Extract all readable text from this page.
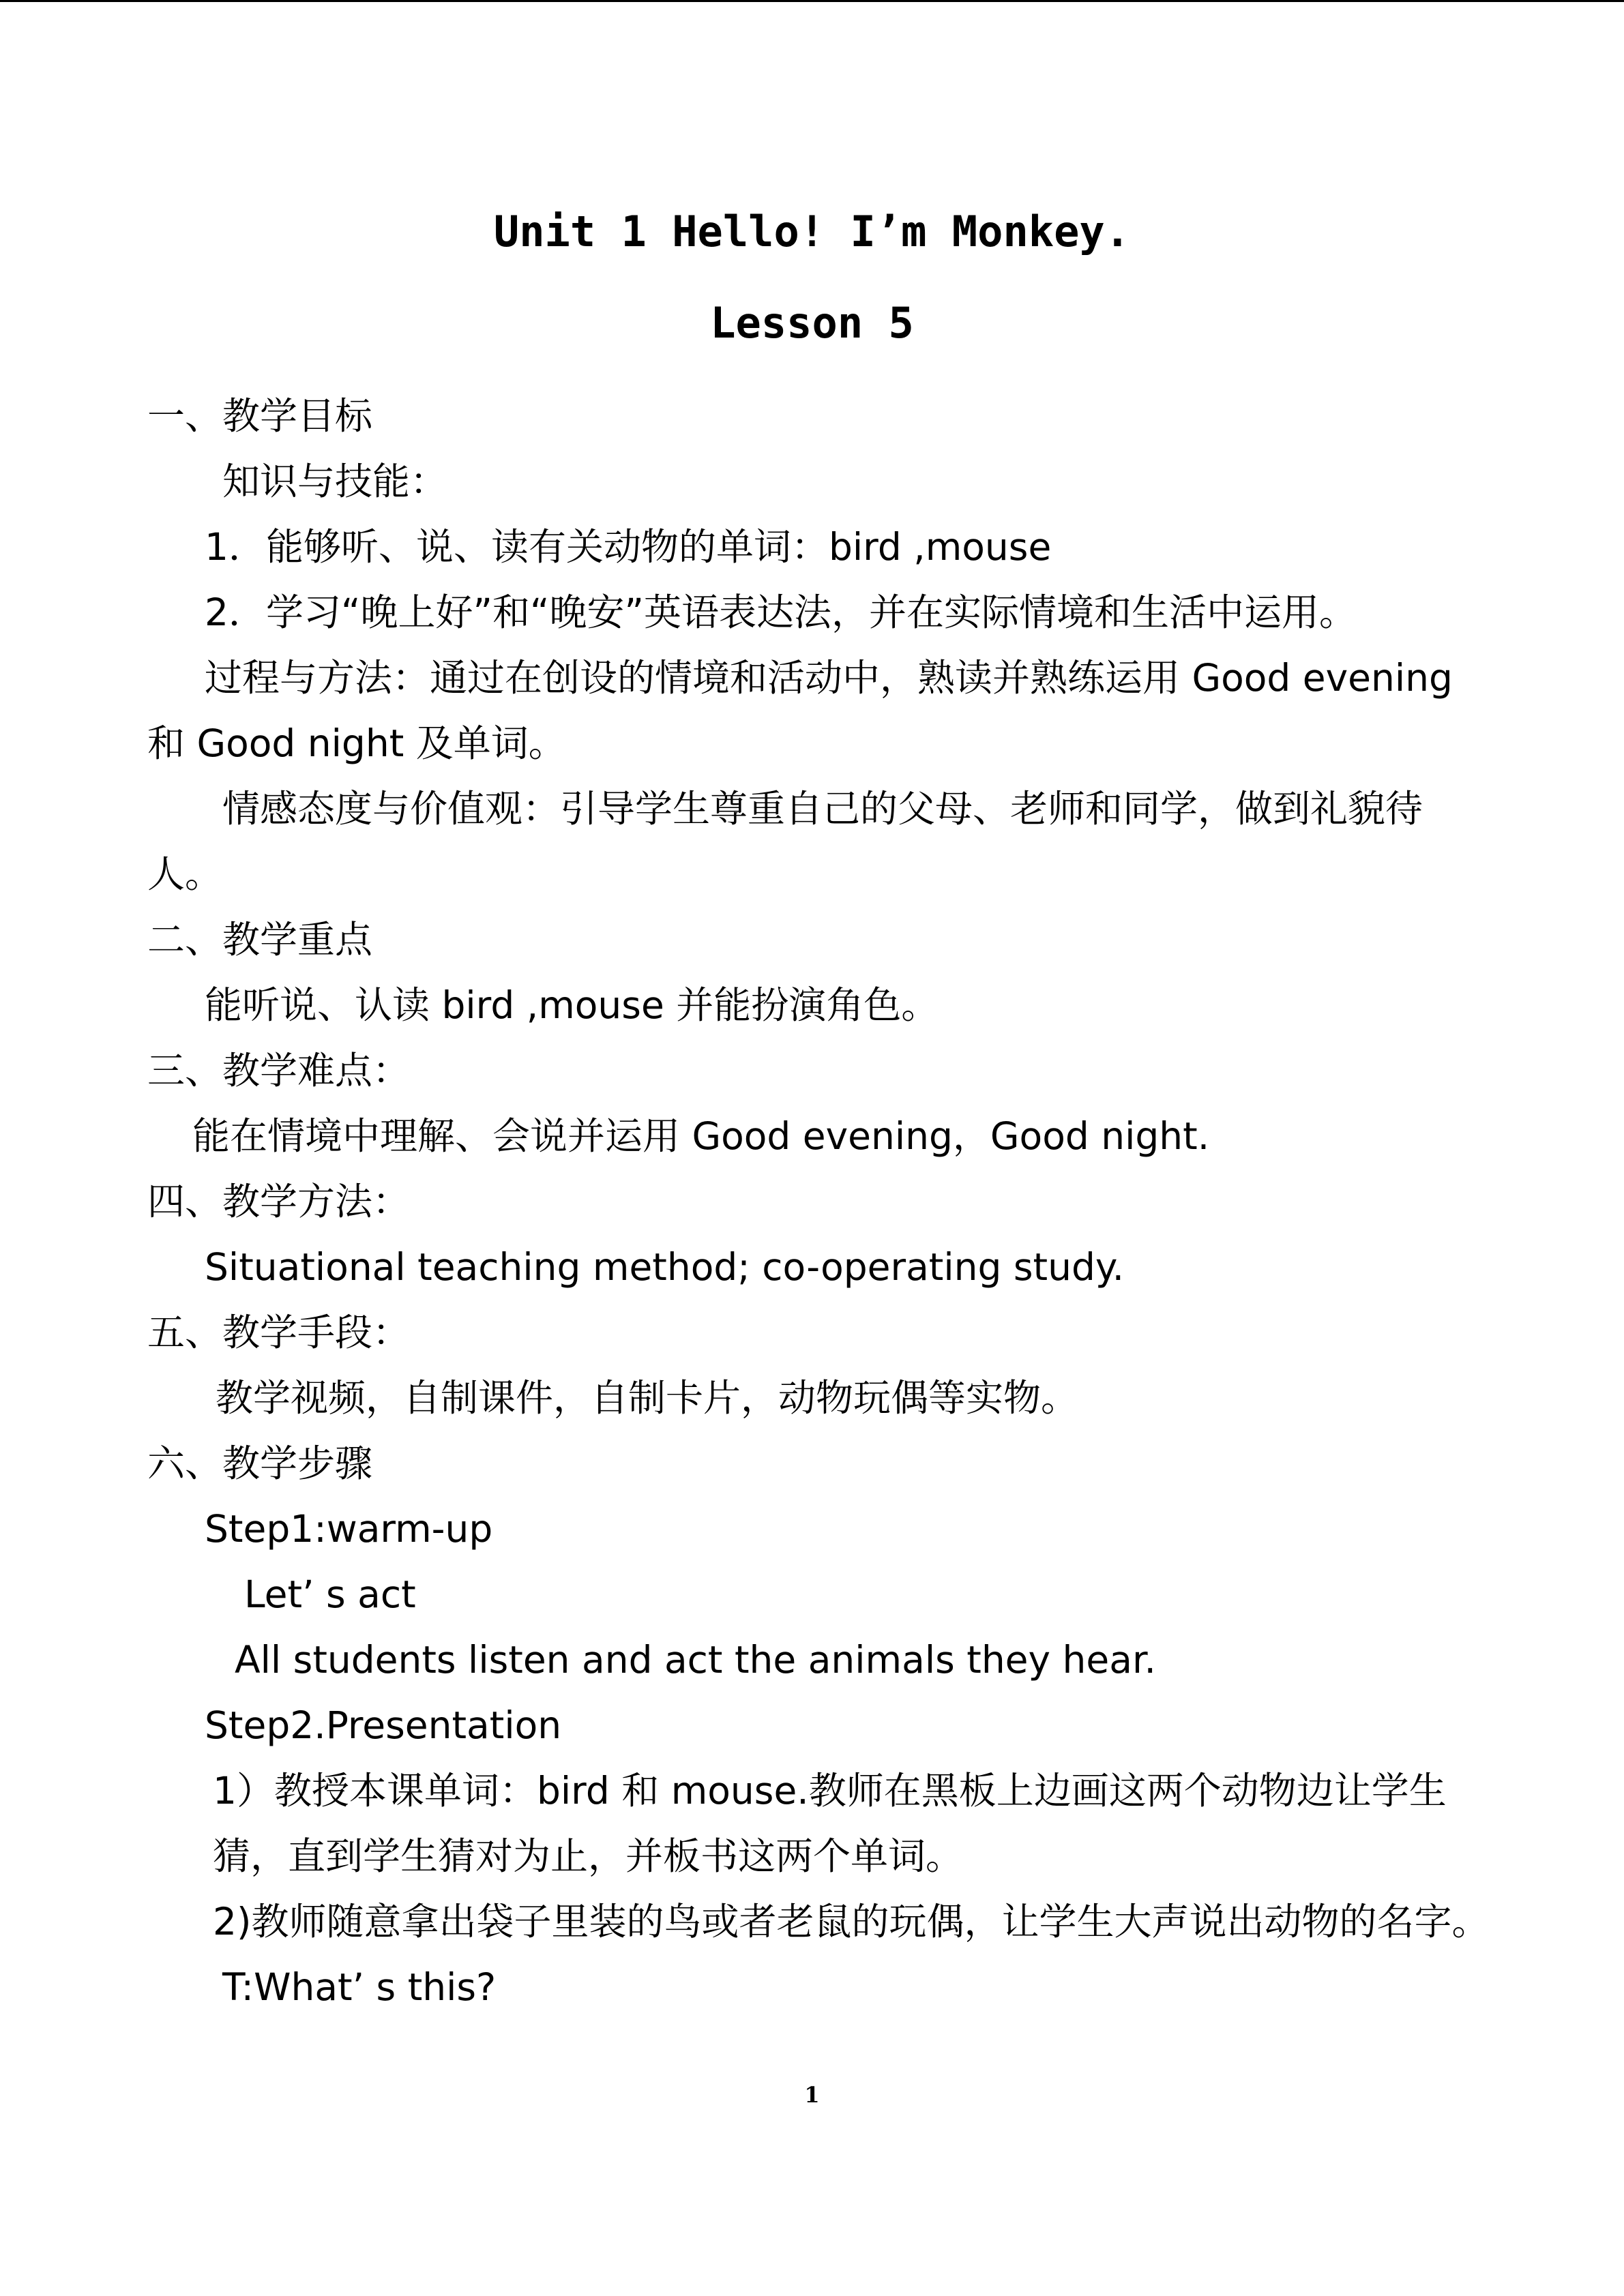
Unit 1 Hello! I’m Monkey.
Lesson 5
一、教学目标
知识与技能：
1．能够听、说、读有关动物的单词：bird ,mouse
2．学习“晚上好”和“晚安”英语表达法，并在实际情境和生活中运用。
过程与方法：通过在创设的情境和活动中，熟读并熟练运用 Good evening
和 Good night 及单词。
情感态度与价值观：引导学生尊重自己的父母、老师和同学，做到礼貌待
人。
二、教学重点
能听说、认读 bird ,mouse 并能扮演角色。
三、教学难点：
能在情境中理解、会说并运用 Good evening，Good night.
四、教学方法：
Situational teaching method; co-operating study.
五、教学手段：
教学视频，自制课件，自制卡片，动物玩偶等实物。
六、教学步骤
Step1:warm-up
Let’ s act
All students listen and act the animals they hear.
Step2.Presentation
1）教授本课单词：bird 和 mouse.教师在黑板上边画这两个动物边让学生
猜，直到学生猜对为止，并板书这两个单词。
2)教师随意拿出袋子里装的鸟或者老鼠的玩偶，让学生大声说出动物的名字。
T:What’ s this?
1
